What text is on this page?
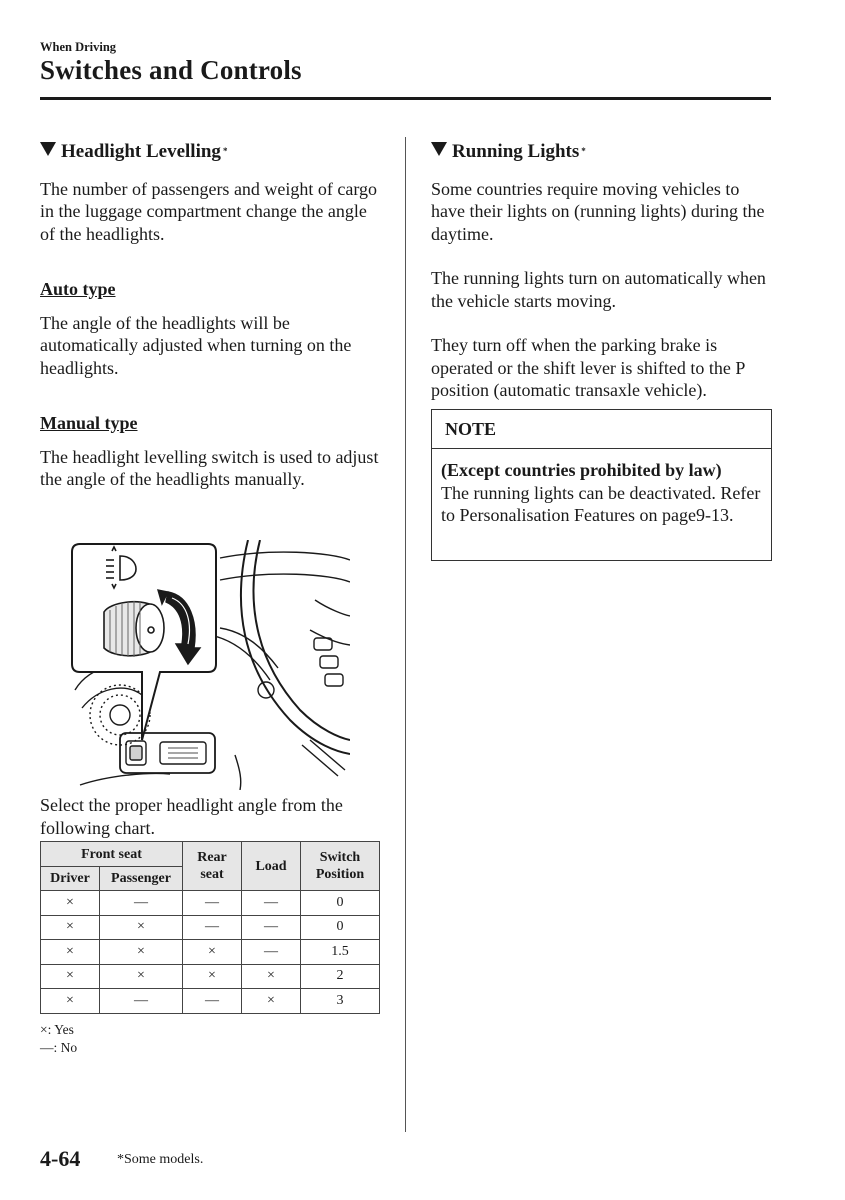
When Driving
Switches and Controls
Headlight Levelling*

The number of passengers and weight of cargo in the luggage compartment change the angle of the headlights.

Auto type

The angle of the headlights will be automatically adjusted when turning on the headlights.

Manual type

The headlight levelling switch is used to adjust the angle of the headlights manually.

Select the proper headlight angle from the following chart.

Front seat		Rear seat	Load	Switch Position
Driver	Passenger			
×	—	—	—	0
×	×	—	—	0
×	×	×	—	1.5
×	×	×	×	2
×	—	—	×	3
×: Yes
—: No
Running Lights*

Some countries require moving vehicles to have their lights on (running lights) during the daytime.

The running lights turn on automatically when the vehicle starts moving.

They turn off when the parking brake is operated or the shift lever is shifted to the P position (automatic transaxle vehicle).

NOTE
(Except countries prohibited by law)
The running lights can be deactivated. Refer to Personalisation Features on page9-13.
4-64	*Some models.
